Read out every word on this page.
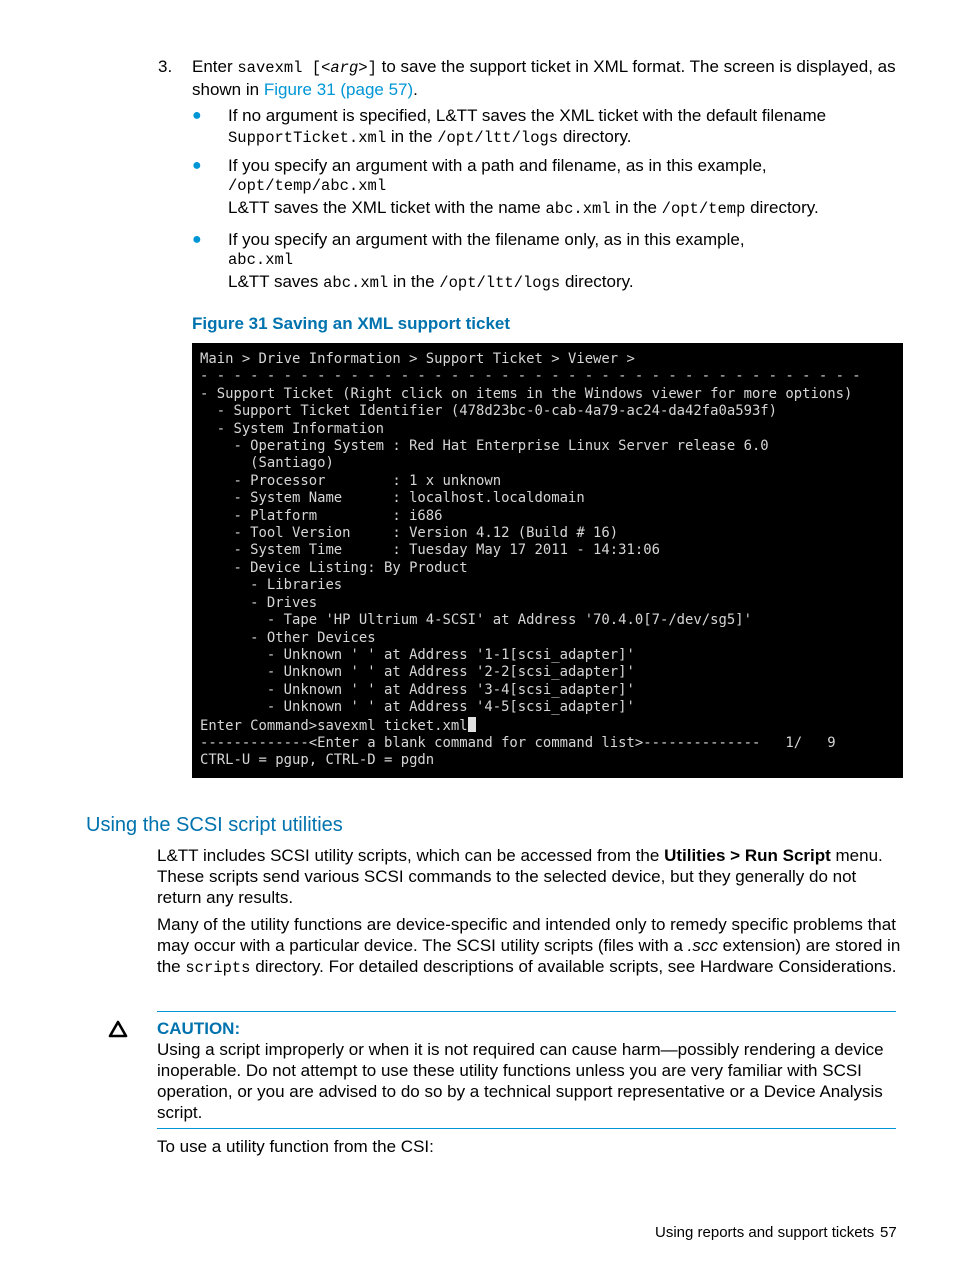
3. Enter savexml [<arg>] to save the support ticket in XML format. The screen is displayed, as shown in Figure 31 (page 57).
● If no argument is specified, L&TT saves the XML ticket with the default filename
SupportTicket.xml in the /opt/ltt/logs directory.
● If you specify an argument with a path and filename, as in this example,
/opt/temp/abc.xml
L&TT saves the XML ticket with the name abc.xml in the /opt/temp directory.
● If you specify an argument with the filename only, as in this example,
abc.xml
L&TT saves abc.xml in the /opt/ltt/logs directory.
Figure 31 Saving an XML support ticket
Main > Drive Information > Support Ticket > Viewer >
- - - - - - - - - - - - - - - - - - - - - - - - - - - - - - - - - - - - - - - -
- Support Ticket (Right click on items in the Windows viewer for more options)
- Support Ticket Identifier (478d23bc-0-cab-4a79-ac24-da42fa0a593f)
- System Information
- Operating System : Red Hat Enterprise Linux Server release 6.0
(Santiago)
- Processor        : 1 x unknown
- System Name      : localhost.localdomain
- Platform         : i686
- Tool Version     : Version 4.12 (Build # 16)
- System Time      : Tuesday May 17 2011 - 14:31:06
- Device Listing: By Product
- Libraries
- Drives
- Tape 'HP Ultrium 4-SCSI' at Address '70.4.0[7-/dev/sg5]'
- Other Devices
- Unknown ' ' at Address '1-1[scsi_adapter]'
- Unknown ' ' at Address '2-2[scsi_adapter]'
- Unknown ' ' at Address '3-4[scsi_adapter]'
- Unknown ' ' at Address '4-5[scsi_adapter]'
Enter Command>savexml ticket.xml
-------------<Enter a blank command for command list>--------------   1/   9
CTRL-U = pgup, CTRL-D = pgdn
Using the SCSI script utilities
L&TT includes SCSI utility scripts, which can be accessed from the Utilities > Run Script menu. These scripts send various SCSI commands to the selected device, but they generally do not return any results.
Many of the utility functions are device-specific and intended only to remedy specific problems that may occur with a particular device. The SCSI utility scripts (files with a .scc extension) are stored in the scripts directory. For detailed descriptions of available scripts, see Hardware Considerations.
CAUTION:
Using a script improperly or when it is not required can cause harm—possibly rendering a device inoperable. Do not attempt to use these utility functions unless you are very familiar with SCSI operation, or you are advised to do so by a technical support representative or a Device Analysis script.
To use a utility function from the CSI:
Using reports and support tickets 57
